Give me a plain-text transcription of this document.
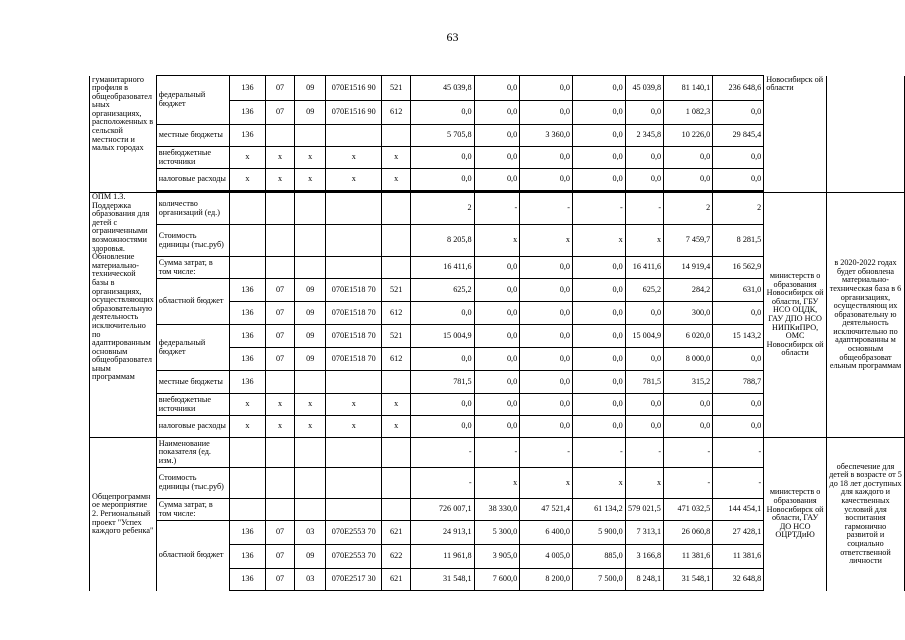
63
гуманитарного профиля в общеобразовател ьных организациях, расположенных в сельской местности и малых городах	федеральный бюджет	136	07	09	070Е1516 90	521	45 039,8	0,0	0,0	0,0	45 039,8	81 140,1	236 648,6	Новосибирск ой области	
		136	07	09	070Е1516 90	612	0,0	0,0	0,0	0,0	0,0	1 082,3	0,0		
	местные бюджеты	136					5 705,8	0,0	3 360,0	0,0	2 345,8	10 226,0	29 845,4		
	внебюджетные источники	x	x	x	x	x	0,0	0,0	0,0	0,0	0,0	0,0	0,0		
	налоговые расходы	x	x	x	x	x	0,0	0,0	0,0	0,0	0,0	0,0	0,0		

ОПМ 1.3. Поддержка образования для детей с ограниченными возможностями здоровья. Обновление материально-технической базы в организациях, осуществляющих образовательную деятельность исключительно по адаптированным основным общеобразовател ьным программам	количество организаций (ед.)						2	-	-	-	-	2	2	министерств о образования Новосибирск ой области, ГБУ НСО ОЦДК, ГАУ ДПО НСО НИПКиПРО, ОМС Новосибирск ой области	в 2020-2022 годах будет обновлена материально-техническая база в 6 организациях, осуществляющ их образовательну ю деятельность исключительно по адаптированны м основным общеобразоват ельным программам
	Стоимость единицы (тыс.руб)						8 205,8	x	x	x	x	7 459,7	8 281,5		
	Сумма затрат, в том числе:						16 411,6	0,0	0,0	0,0	16 411,6	14 919,4	16 562,9		
	областной бюджет	136	07	09	070Е1518 70	521	625,2	0,0	0,0	0,0	625,2	284,2	631,0		
		136	07	09	070Е1518 70	612	0,0	0,0	0,0	0,0	0,0	300,0	0,0		
	федеральный бюджет	136	07	09	070Е1518 70	521	15 004,9	0,0	0,0	0,0	15 004,9	6 020,0	15 143,2		
		136	07	09	070Е1518 70	612	0,0	0,0	0,0	0,0	0,0	8 000,0	0,0		
	местные бюджеты	136					781,5	0,0	0,0	0,0	781,5	315,2	788,7		
	внебюджетные источники	x	x	x	x	x	0,0	0,0	0,0	0,0	0,0	0,0	0,0		
	налоговые расходы	x	x	x	x	x	0,0	0,0	0,0	0,0	0,0	0,0	0,0		
Общепрограммн ое мероприятие 2. Региональный проект "Успех каждого ребенка"	Наименование показателя (ед. изм.)						-	-	-	-	-	-	-	министерств о образования Новосибирск ой области, ГАУ ДО НСО ОЦРТДиЮ	обеспечение для детей в возрасте от 5 до 18 лет доступных для каждого и качественных условий для воспитания гармонично развитой и социально ответственной личности
	Стоимость единицы (тыс.руб)						-	x	x	x	x	-	-		
	Сумма затрат, в том числе:						726 007,1	38 330,0	47 521,4	61 134,2	579 021,5	471 032,5	144 454,1		
	областной бюджет	136	07	03	070Е2553 70	621	24 913,1	5 300,0	6 400,0	5 900,0	7 313,1	26 060,8	27 428,1		
		136	07	09	070Е2553 70	622	11 961,8	3 905,0	4 005,0	885,0	3 166,8	11 381,6	11 381,6		
		136	07	03	070Е2517 30	621	31 548,1	7 600,0	8 200,0	7 500,0	8 248,1	31 548,1	32 648,8		
